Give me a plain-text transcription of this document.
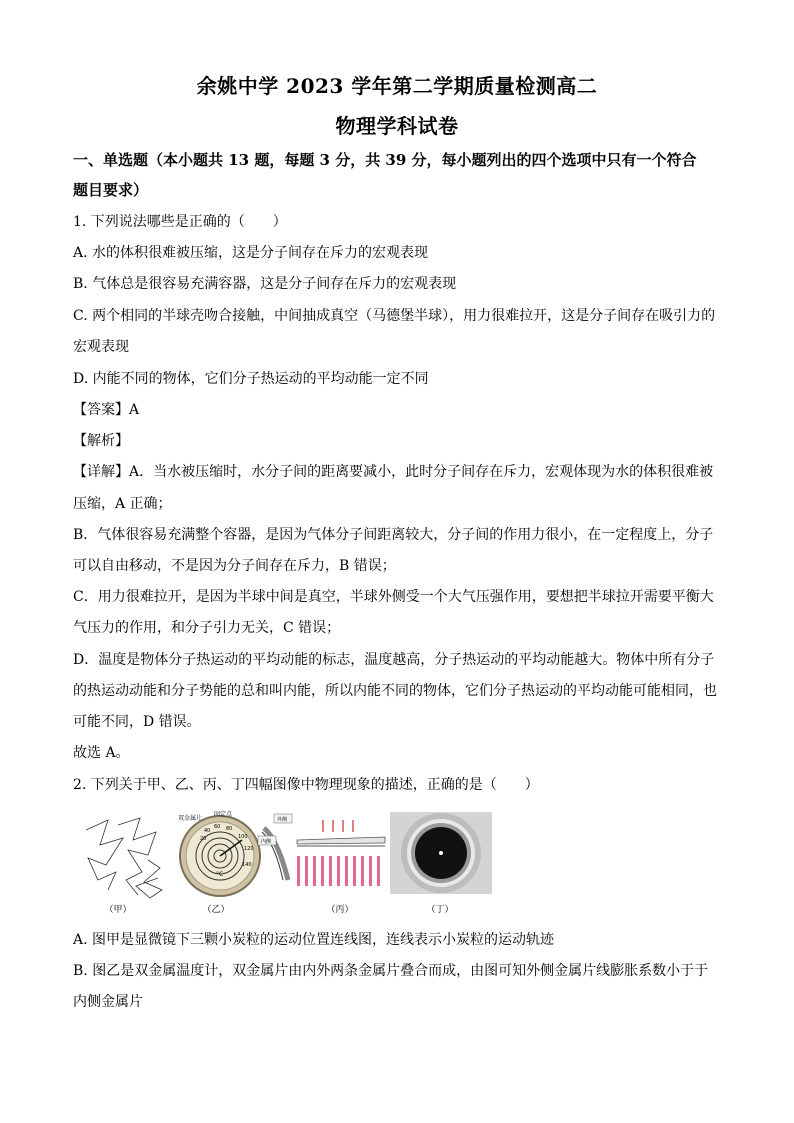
余姚中学 2023 学年第二学期质量检测高二
物理学科试卷
一、单选题（本小题共 13 题，每题 3 分，共 39 分，每小题列出的四个选项中只有一个符合
题目要求）
1. 下列说法哪些是正确的（　　）
A. 水的体积很难被压缩，这是分子间存在斥力的宏观表现
B. 气体总是很容易充满容器，这是分子间存在斥力的宏观表现
C. 两个相同的半球壳吻合接触，中间抽成真空（马德堡半球），用力很难拉开，这是分子间存在吸引力的
宏观表现
D. 内能不同的物体，它们分子热运动的平均动能一定不同
【答案】A
【解析】
【详解】A．当水被压缩时，水分子间的距离要减小，此时分子间存在斥力，宏观体现为水的体积很难被
压缩，A 正确；
B．气体很容易充满整个容器，是因为气体分子间距离较大，分子间的作用力很小，在一定程度上，分子
可以自由移动，不是因为分子间存在斥力，B 错误；
C．用力很难拉开，是因为半球中间是真空，半球外侧受一个大气压强作用，要想把半球拉开需要平衡大
气压力的作用，和分子引力无关，C 错误；
D．温度是物体分子热运动的平均动能的标志，温度越高，分子热运动的平均动能越大。物体中所有分子
的热运动动能和分子势能的总和叫内能，所以内能不同的物体，它们分子热运动的平均动能可能相同，也
可能不同，D 错误。
故选 A。
2. 下列关于甲、乙、丙、丁四幅图像中物理现象的描述，正确的是（　　）
20
40
60 80
100
120
140
°C
双金属片
固定点
外侧
内侧
（甲）	（乙）	（丙）	（丁）
A. 图甲是显微镜下三颗小炭粒的运动位置连线图，连线表示小炭粒的运动轨迹
B. 图乙是双金属温度计，双金属片由内外两条金属片叠合而成，由图可知外侧金属片线膨胀系数小于于
内侧金属片
